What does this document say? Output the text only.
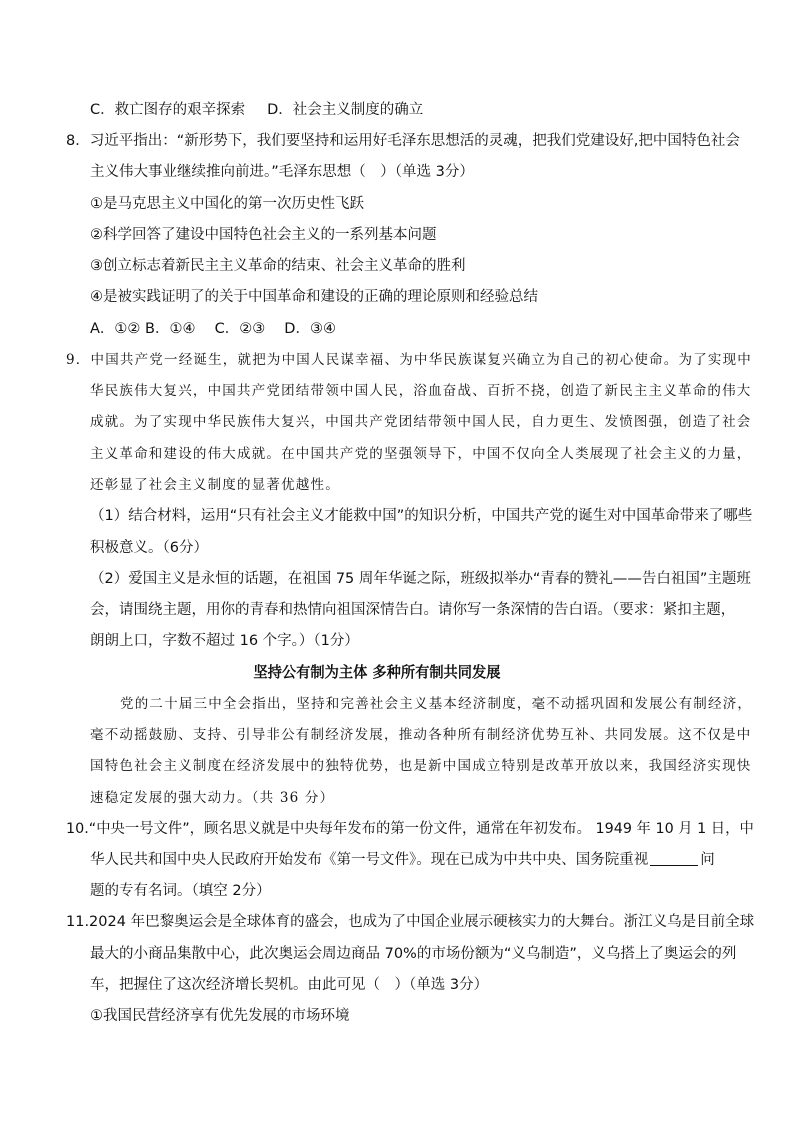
C．救亡图存的艰辛探索 D．社会主义制度的确立
8．习近平指出：“新形势下，我们要坚持和运用好毛泽东思想活的灵魂，把我们党建设好,把中国特色社会
主义伟大事业继续推向前进。”毛泽东思想（　）（单选 3分）
①是马克思主义中国化的第一次历史性飞跃
②科学回答了建设中国特色社会主义的一系列基本问题
③创立标志着新民主主义革命的结束、社会主义革命的胜利
④是被实践证明了的关于中国革命和建设的正确的理论原则和经验总结
A．①② B．①④　 C．②③　 D．③④
9．中国共产党一经诞生，就把为中国人民谋幸福、为中华民族谋复兴确立为自己的初心使命。为了实现中
华民族伟大复兴，中国共产党团结带领中国人民，浴血奋战、百折不挠，创造了新民主主义革命的伟大
成就。为了实现中华民族伟大复兴，中国共产党团结带领中国人民，自力更生、发愤图强，创造了社会
主义革命和建设的伟大成就。在中国共产党的坚强领导下，中国不仅向全人类展现了社会主义的力量，
还彰显了社会主义制度的显著优越性。
（1）结合材料，运用“只有社会主义才能救中国”的知识分析，中国共产党的诞生对中国革命带来了哪些
积极意义。（6分）
（2）爱国主义是永恒的话题，在祖国 75 周年华诞之际，班级拟举办“青春的赞礼——告白祖国”主题班
会，请围绕主题，用你的青春和热情向祖国深情告白。请你写一条深情的告白语。（要求：紧扣主题，
朗朗上口，字数不超过 16 个字。）（1分）
坚持公有制为主体 多种所有制共同发展
党的二十届三中全会指出，坚持和完善社会主义基本经济制度，毫不动摇巩固和发展公有制经济，
毫不动摇鼓励、支持、引导非公有制经济发展，推动各种所有制经济优势互补、共同发展。这不仅是中
国特色社会主义制度在经济发展中的独特优势，也是新中国成立特别是改革开放以来，我国经济实现快
速稳定发展的强大动力。（共 36 分）
10.“中央一号文件”，顾名思义就是中央每年发布的第一份文件，通常在年初发布。 1949 年 10 月 1 日，中
华人民共和国中央人民政府开始发布《第一号文件》。现在已成为中共中央、国务院重视	问
题的专有名词。（填空 2分）
11.2024 年巴黎奥运会是全球体育的盛会，也成为了中国企业展示硬核实力的大舞台。浙江义乌是目前全球
最大的小商品集散中心，此次奥运会周边商品 70%的市场份额为“义乌制造”，义乌搭上了奥运会的列
车，把握住了这次经济增长契机。由此可见（　）（单选 3分）
①我国民营经济享有优先发展的市场环境
